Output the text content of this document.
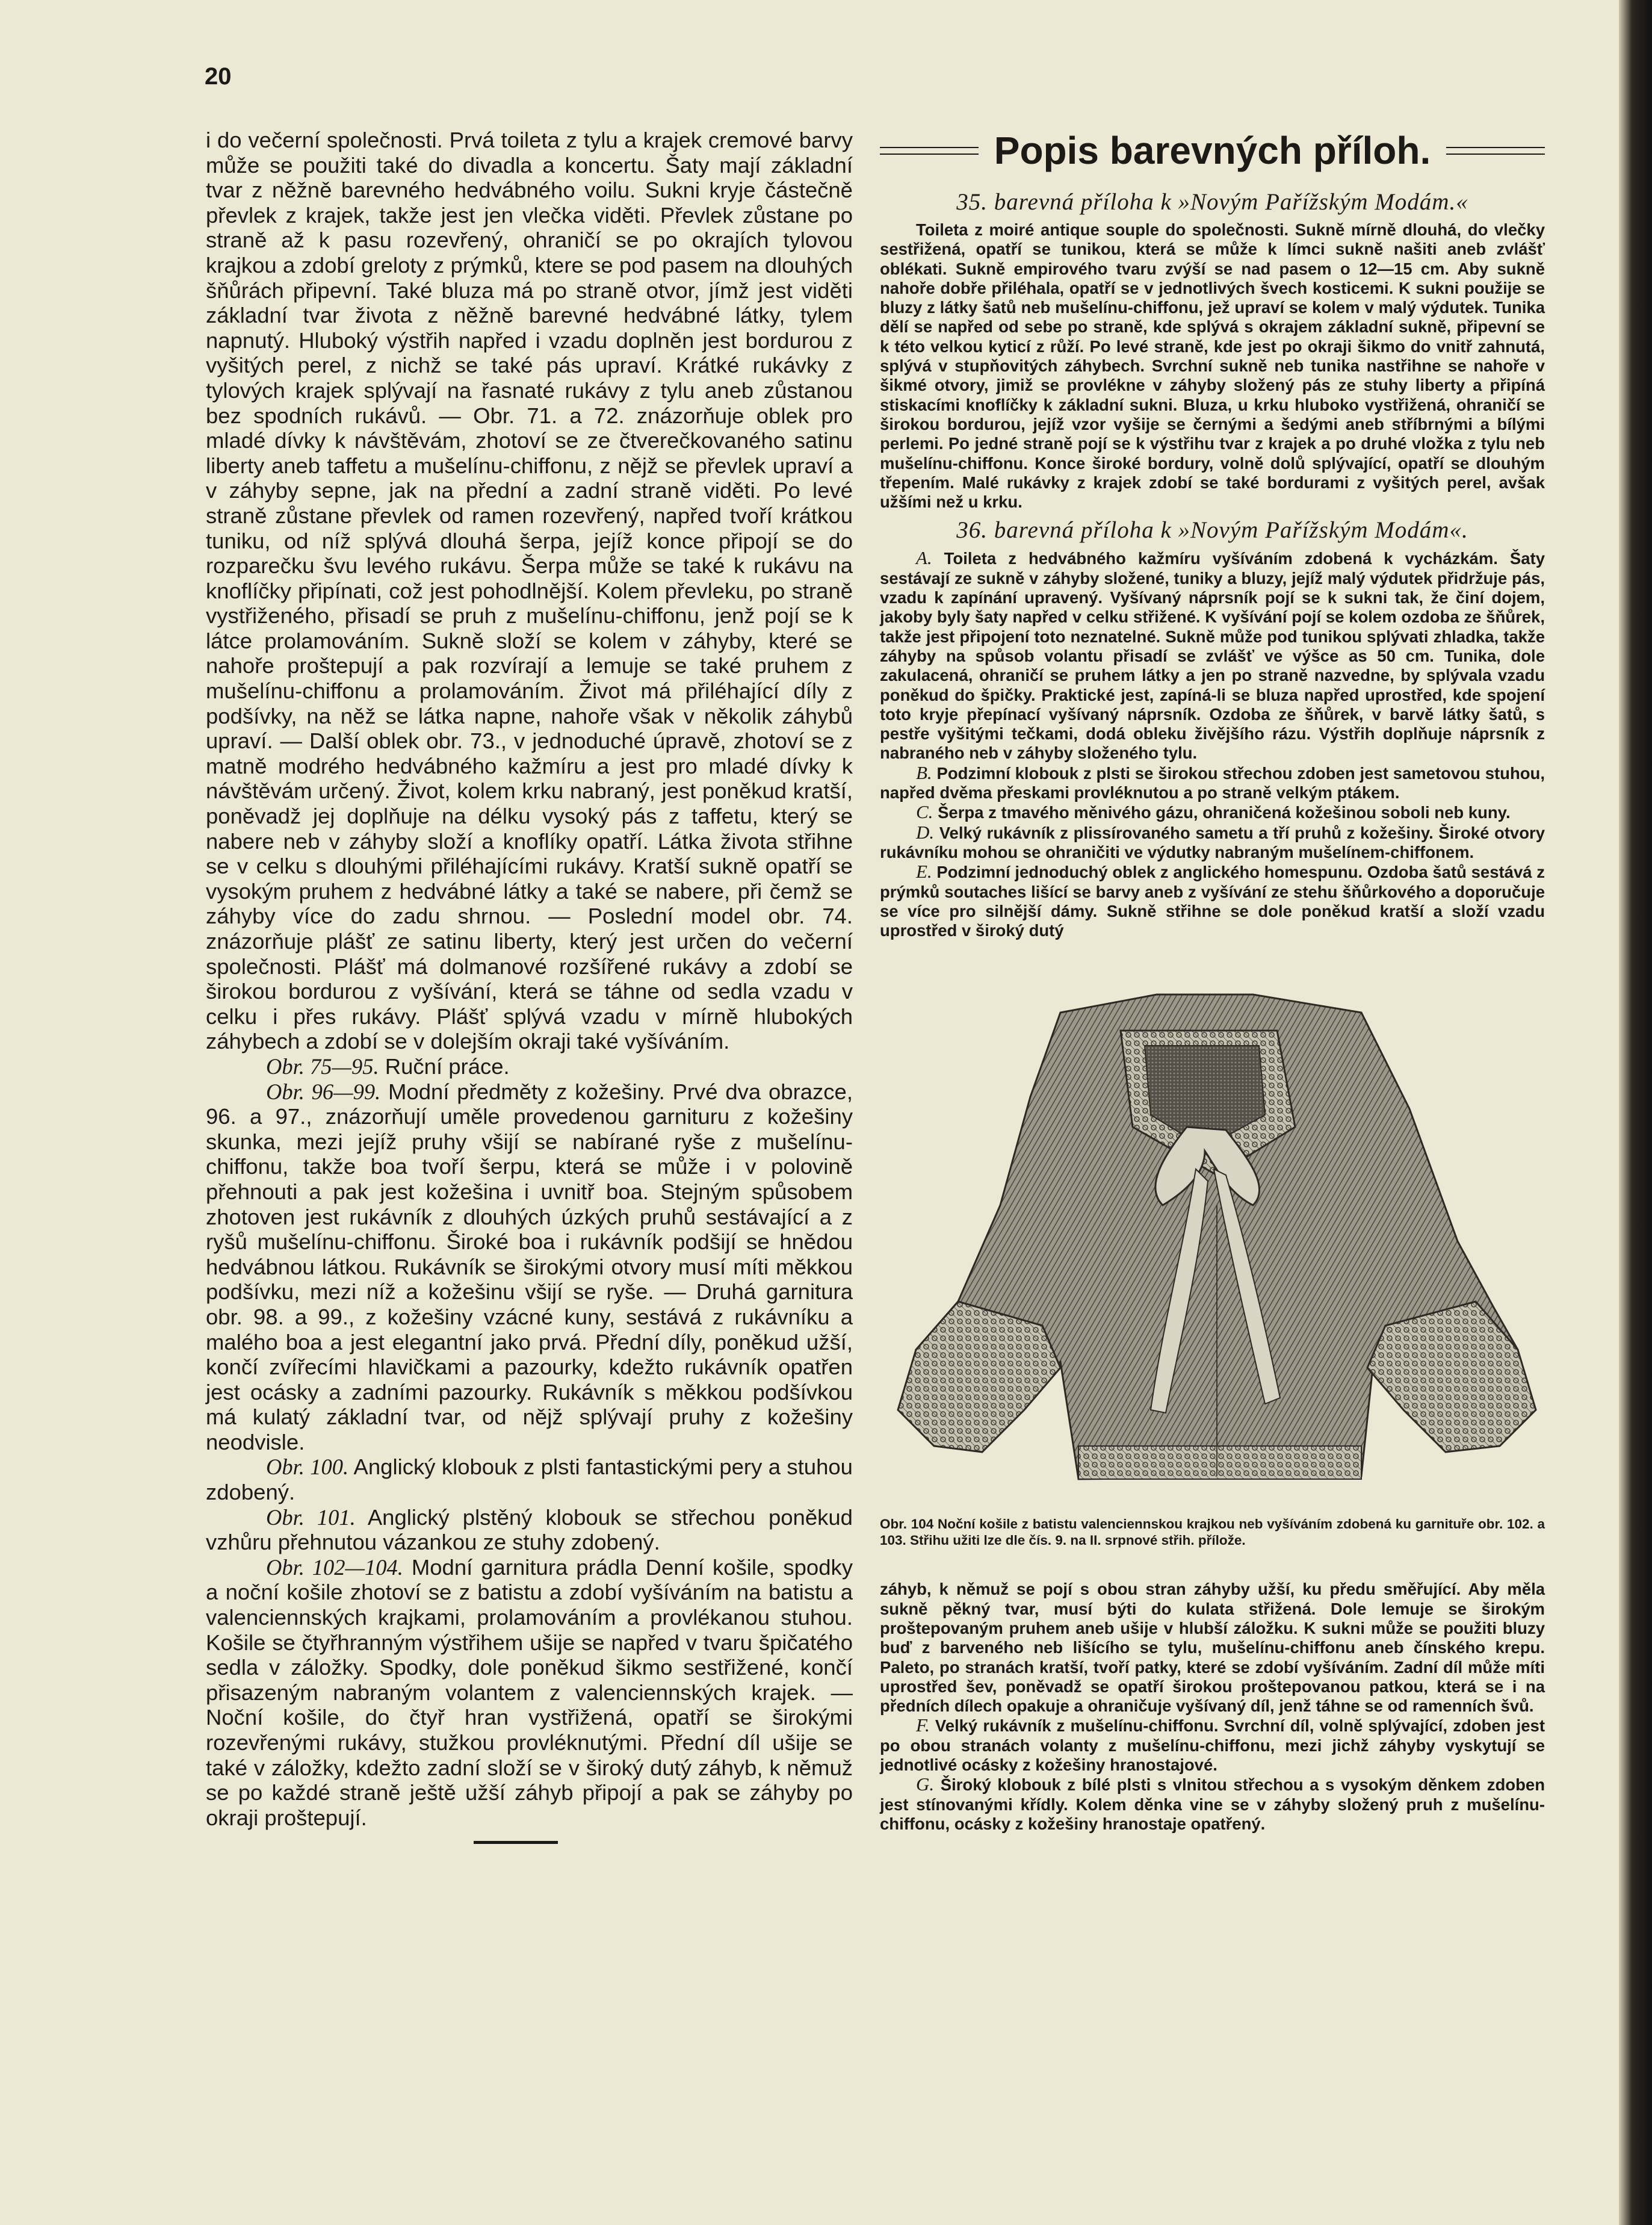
20

i do večerní společnosti. Prvá toileta z tylu a krajek cremové barvy může se použiti také do divadla a koncertu. Šaty mají základní tvar z něžně barevného hedvábného voilu. Sukni kryje částečně převlek z krajek, takže jest jen vlečka viděti. Převlek zůstane po straně až k pasu rozevřený, ohraničí se po okrajích tylovou krajkou a zdobí greloty z prýmků, ktere se pod pasem na dlouhých šňůrách připevní. Také bluza má po straně otvor, jímž jest viděti základní tvar života z něžně barevné hedvábné látky, tylem napnutý. Hluboký výstřih napřed i vzadu doplněn jest bordurou z vyšitých perel, z nichž se také pás upraví. Krátké rukávky z tylových krajek splývají na řasnaté rukávy z tylu aneb zůstanou bez spodních rukávů. — Obr. 71. a 72. znázorňuje oblek pro mladé dívky k návštěvám, zhotoví se ze čtverečkovaného satinu liberty aneb taffetu a mušelínu-chiffonu, z nějž se převlek upraví a v záhyby sepne, jak na přední a zadní straně viděti. Po levé straně zůstane převlek od ramen rozevřený, napřed tvoří krátkou tuniku, od níž splývá dlouhá šerpa, jejíž konce připojí se do rozparečku švu levého rukávu. Šerpa může se také k rukávu na knoflíčky připínati, což jest pohodlnější. Kolem převleku, po straně vystřiženého, přisadí se pruh z mušelínu-chiffonu, jenž pojí se k látce prolamováním. Sukně složí se kolem v záhyby, které se nahoře proštepují a pak rozvírají a lemuje se také pruhem z mušelínu-chiffonu a prolamováním. Život má přiléhající díly z podšívky, na něž se látka napne, nahoře však v několik záhybů upraví. — Další oblek obr. 73., v jednoduché úpravě, zhotoví se z matně modrého hedvábného kažmíru a jest pro mladé dívky k návštěvám určený. Život, kolem krku nabraný, jest poněkud kratší, poněvadž jej doplňuje na délku vysoký pás z taffetu, který se nabere neb v záhyby složí a knoflíky opatří. Látka života střihne se v celku s dlouhými přiléhajícími rukávy. Kratší sukně opatří se vysokým pruhem z hedvábné látky a také se nabere, při čemž se záhyby více do zadu shrnou. — Poslední model obr. 74. znázorňuje plášť ze satinu liberty, který jest určen do večerní společnosti. Plášť má dolmanové rozšířené rukávy a zdobí se širokou bordurou z vyšívání, která se táhne od sedla vzadu v celku i přes rukávy. Plášť splývá vzadu v mírně hlubokých záhybech a zdobí se v dolejším okraji také vyšíváním.

Obr. 75—95. Ruční práce.

Obr. 96—99. Modní předměty z kožešiny. Prvé dva obrazce, 96. a 97., znázorňují uměle provedenou garnituru z kožešiny skunka, mezi jejíž pruhy všijí se nabírané ryše z mušelínu-chiffonu, takže boa tvoří šerpu, která se může i v polovině přehnouti a pak jest kožešina i uvnitř boa. Stejným spůsobem zhotoven jest rukávník z dlouhých úzkých pruhů sestávající a z ryšů mušelínu-chiffonu. Široké boa i rukávník podšijí se hnědou hedvábnou látkou. Rukávník se širokými otvory musí míti měkkou podšívku, mezi níž a kožešinu všijí se ryše. — Druhá garnitura obr. 98. a 99., z kožešiny vzácné kuny, sestává z rukávníku a malého boa a jest elegantní jako prvá. Přední díly, poněkud užší, končí zvířecími hlavičkami a pazourky, kdežto rukávník opatřen jest ocásky a zadními pazourky. Rukávník s měkkou podšívkou má kulatý základní tvar, od nějž splývají pruhy z kožešiny neodvisle.

Obr. 100. Anglický klobouk z plsti fantastickými pery a stuhou zdobený.

Obr. 101. Anglický plstěný klobouk se střechou poněkud vzhůru přehnutou vázankou ze stuhy zdobený.

Obr. 102—104. Modní garnitura prádla Denní košile, spodky a noční košile zhotoví se z batistu a zdobí vyšíváním na batistu a valenciennských krajkami, prolamováním a provlékanou stuhou. Košile se čtyřhranným výstřihem ušije se napřed v tvaru špičatého sedla v záložky. Spodky, dole poněkud šikmo sestřižené, končí přisazeným nabraným volantem z valenciennských krajek. — Noční košile, do čtyř hran vystřižená, opatří se širokými rozevřenými rukávy, stužkou provléknutými. Přední díl ušije se také v záložky, kdežto zadní složí se v široký dutý záhyb, k němuž se po každé straně ještě užší záhyb připojí a pak se záhyby po okraji proštepují.

Popis barevných příloh.
35. barevná příloha k »Novým Pařížským Modám.«

Toileta z moiré antique souple do společnosti. Sukně mírně dlouhá, do vlečky sestřižená, opatří se tunikou, která se může k límci sukně našiti aneb zvlášť oblékati. Sukně empirového tvaru zvýší se nad pasem o 12—15 cm. Aby sukně nahoře dobře přiléhala, opatří se v jednotlivých švech kosticemi. K sukni použije se bluzy z látky šatů neb mušelínu-chiffonu, jež upraví se kolem v malý výdutek. Tunika dělí se napřed od sebe po straně, kde splývá s okrajem základní sukně, připevní se k této velkou kyticí z růží. Po levé straně, kde jest po okraji šikmo do vnitř zahnutá, splývá v stupňovitých záhybech. Svrchní sukně neb tunika nastřihne se nahoře v šikmé otvory, jimiž se provlékne v záhyby složený pás ze stuhy liberty a připíná stiskacími knoflíčky k základní sukni. Bluza, u krku hluboko vystřižená, ohraničí se širokou bordurou, jejíž vzor vyšije se černými a šedými aneb stříbrnými a bílými perlemi. Po jedné straně pojí se k výstřihu tvar z krajek a po druhé vložka z tylu neb mušelínu-chiffonu. Konce široké bordury, volně dolů splývající, opatří se dlouhým třepením. Malé rukávky z krajek zdobí se také bordurami z vyšitých perel, avšak užšími než u krku.

36. barevná příloha k »Novým Pařížským Modám«.

A. Toileta z hedvábného kažmíru vyšíváním zdobená k vycházkám. Šaty sestávají ze sukně v záhyby složené, tuniky a bluzy, jejíž malý výdutek přidržuje pás, vzadu k zapínání upravený. Vyšívaný náprsník pojí se k sukni tak, že činí dojem, jakoby byly šaty napřed v celku střižené. K vyšívání pojí se kolem ozdoba ze šňůrek, takže jest připojení toto neznatelné. Sukně může pod tunikou splývati zhladka, takže záhyby na spůsob volantu přisadí se zvlášť ve výšce as 50 cm. Tunika, dole zakulacená, ohraničí se pruhem látky a jen po straně nazvedne, by splývala vzadu poněkud do špičky. Praktické jest, zapíná-li se bluza napřed uprostřed, kde spojení toto kryje přepínací vyšívaný náprsník. Ozdoba ze šňůrek, v barvě látky šatů, s pestře vyšitými tečkami, dodá obleku živějšího rázu. Výstřih doplňuje náprsník z nabraného neb v záhyby složeného tylu.

B. Podzimní klobouk z plsti se širokou střechou zdoben jest sametovou stuhou, napřed dvěma přeskami provléknutou a po straně velkým ptákem.

C. Šerpa z tmavého měnivého gázu, ohraničená kožešinou soboli neb kuny.

D. Velký rukávník z plissírovaného sametu a tří pruhů z kožešiny. Široké otvory rukávníku mohou se ohraničiti ve výdutky nabraným mušelínem-chiffonem.

E. Podzimní jednoduchý oblek z anglického homespunu. Ozdoba šatů sestává z prýmků soutaches lišící se barvy aneb z vyšívání ze stehu šňůrkového a doporučuje se více pro silnější dámy. Sukně střihne se dole poněkud kratší a složí vzadu uprostřed v široký dutý

Obr. 104 Noční košile z batistu valenciennskou krajkou neb vyšíváním zdobená ku garnituře obr. 102. a 103. Střihu užiti lze dle čís. 9. na II. srpnové střih. přílože.

záhyb, k němuž se pojí s obou stran záhyby užší, ku předu směřující. Aby měla sukně pěkný tvar, musí býti do kulata střižená. Dole lemuje se širokým proštepovaným pruhem aneb ušije v hlubší záložku. K sukni může se použiti bluzy buď z barveného neb lišícího se tylu, mušelínu-chiffonu aneb čínského krepu. Paleto, po stranách kratší, tvoří patky, které se zdobí vyšíváním. Zadní díl může míti uprostřed šev, poněvadž se opatří širokou proštepovanou patkou, která se i na předních dílech opakuje a ohraničuje vyšívaný díl, jenž táhne se od ramenních švů.

F. Velký rukávník z mušelínu-chiffonu. Svrchní díl, volně splývající, zdoben jest po obou stranách volanty z mušelínu-chiffonu, mezi jichž záhyby vyskytují se jednotlivé ocásky z kožešiny hranostajové.

G. Široký klobouk z bílé plsti s vlnitou střechou a s vysokým děnkem zdoben jest stínovanými křídly. Kolem děnka vine se v záhyby složený pruh z mušelínu-chiffonu, ocásky z kožešiny hranostaje opatřený.
